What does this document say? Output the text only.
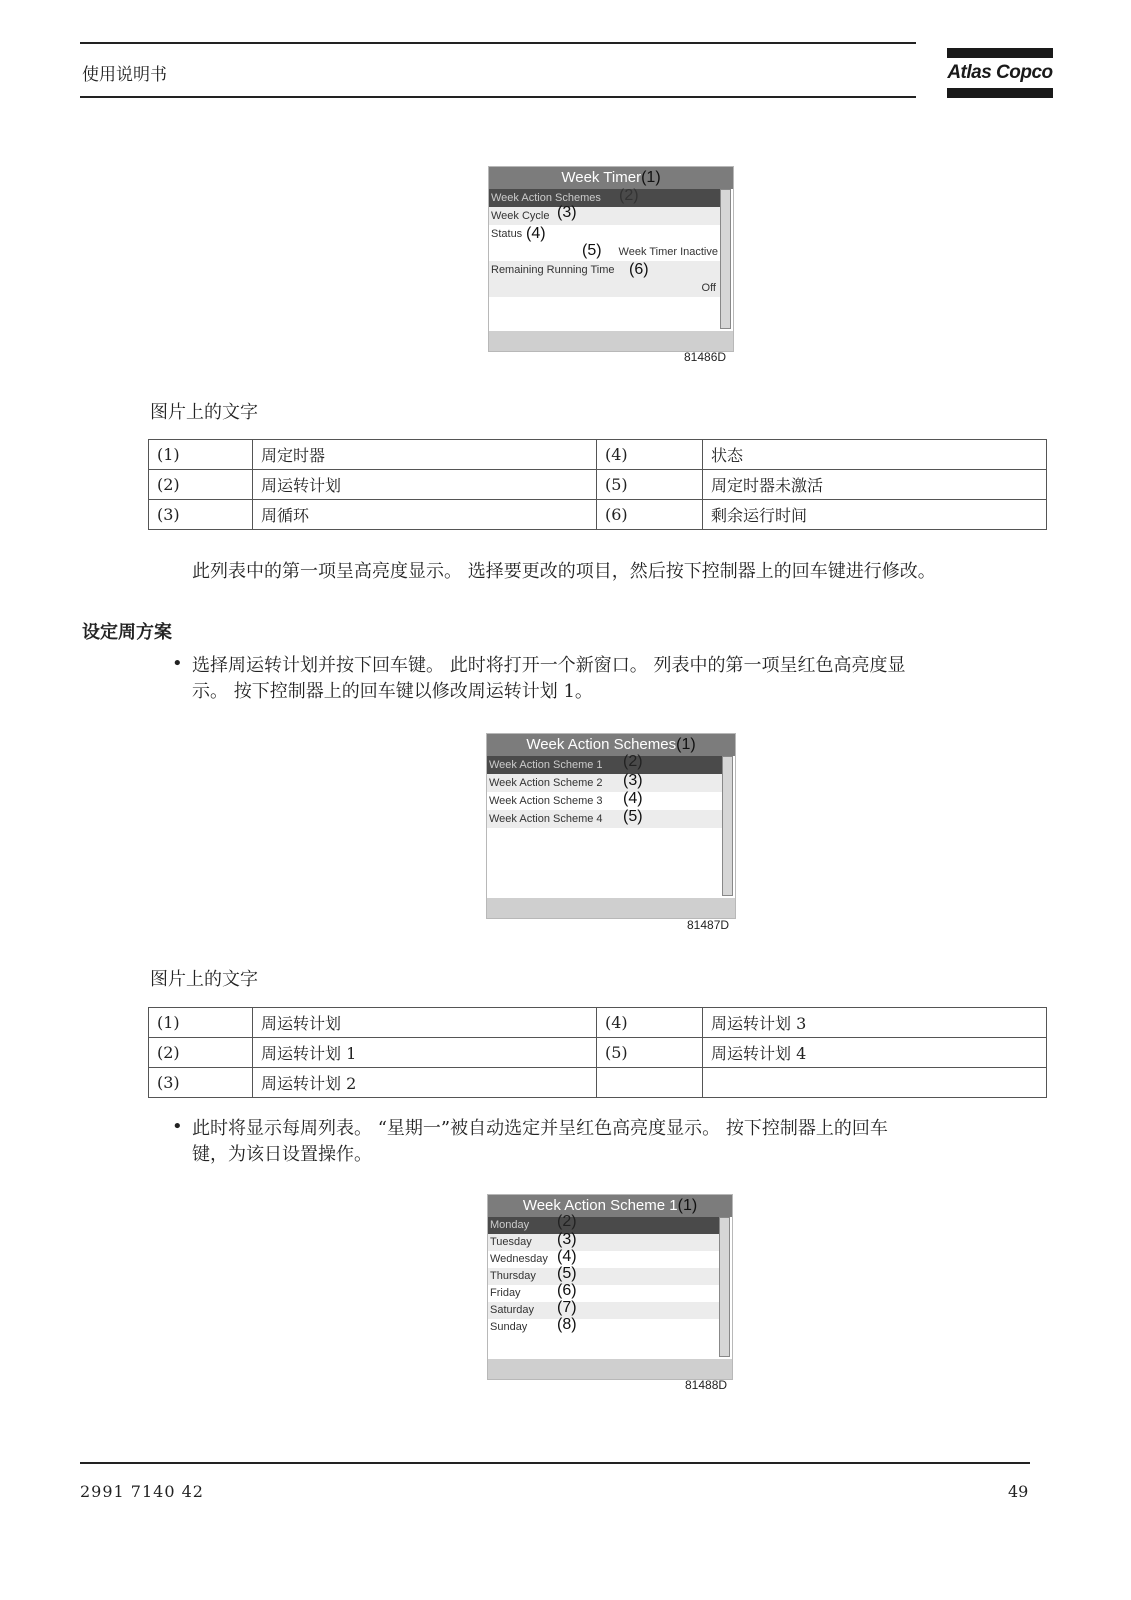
使用说明书	Atlas Copco
Week Timer(1)
Week Action Schemes (2)
Week Cycle (3)
Status (4)
(5) Week Timer Inactive
Remaining Running Time (6)
Off
81486D
图片上的文字
(1)	周定时器	(4)	状态
(2)	周运转计划	(5)	周定时器未激活
(3)	周循环	(6)	剩余运行时间
此列表中的第一项呈高亮度显示。 选择要更改的项目，然后按下控制器上的回车键进行修改。
设定周方案
• 选择周运转计划并按下回车键。 此时将打开一个新窗口。 列表中的第一项呈红色高亮度显
示。 按下控制器上的回车键以修改周运转计划 1。
Week Action Schemes(1)
Week Action Scheme 1 (2)
Week Action Scheme 2 (3)
Week Action Scheme 3 (4)
Week Action Scheme 4 (5)
81487D
图片上的文字
(1)	周运转计划	(4)	周运转计划 3
(2)	周运转计划 1	(5)	周运转计划 4
(3)	周运转计划 2		
• 此时将显示每周列表。 “星期一”被自动选定并呈红色高亮度显示。 按下控制器上的回车
键，为该日设置操作。
Week Action Scheme 1(1)
Monday (2)
Tuesday (3)
Wednesday (4)
Thursday (5)
Friday (6)
Saturday (7)
Sunday (8)
81488D
2991 7140 42	49
